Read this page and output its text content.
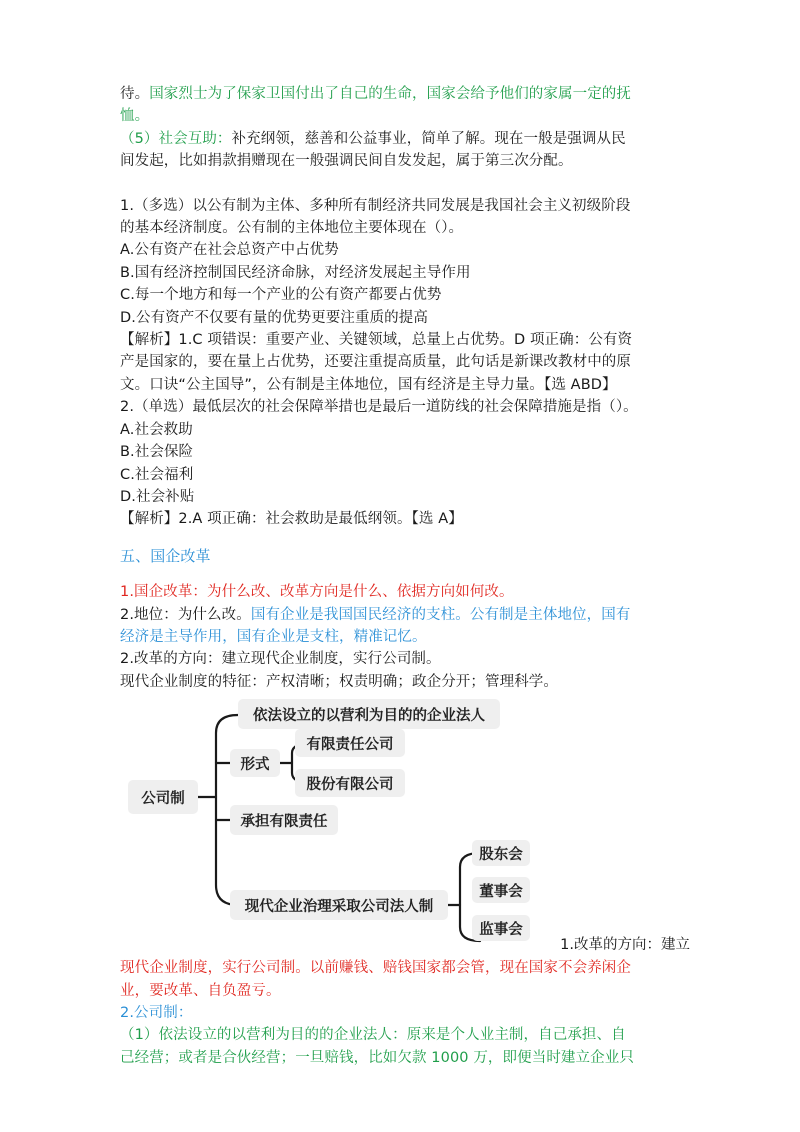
待。国家烈士为了保家卫国付出了自己的生命，国家会给予他们的家属一定的抚
恤。
（5）社会互助：补充纲领，慈善和公益事业，简单了解。现在一般是强调从民
间发起，比如捐款捐赠现在一般强调民间自发发起，属于第三次分配。
1.（多选）以公有制为主体、多种所有制经济共同发展是我国社会主义初级阶段
的基本经济制度。公有制的主体地位主要体现在（）。
A.公有资产在社会总资产中占优势
B.国有经济控制国民经济命脉，对经济发展起主导作用
C.每一个地方和每一个产业的公有资产都要占优势
D.公有资产不仅要有量的优势更要注重质的提高
【解析】1.C 项错误：重要产业、关键领域，总量上占优势。D 项正确：公有资
产是国家的，要在量上占优势，还要注重提高质量，此句话是新课改教材中的原
文。口诀“公主国导”，公有制是主体地位，国有经济是主导力量。【选 ABD】
2.（单选）最低层次的社会保障举措也是最后一道防线的社会保障措施是指（）。
A.社会救助
B.社会保险
C.社会福利
D.社会补贴
【解析】2.A 项正确：社会救助是最低纲领。【选 A】
五、国企改革
1.国企改革：为什么改、改革方向是什么、依据方向如何改。
2.地位：为什么改。国有企业是我国国民经济的支柱。公有制是主体地位，国有
经济是主导作用，国有企业是支柱，精准记忆。
2.改革的方向：建立现代企业制度，实行公司制。
现代企业制度的特征：产权清晰；权责明确；政企分开；管理科学。
公司制
依法设立的以营利为目的的企业法人
形式
有限责任公司
股份有限公司
承担有限责任
现代企业治理采取公司法人制
股东会
董事会
监事会
1.改革的方向：建立
现代企业制度，实行公司制。以前赚钱、赔钱国家都会管，现在国家不会养闲企
业，要改革、自负盈亏。
2.公司制：
（1）依法设立的以营利为目的的企业法人：原来是个人业主制，自己承担、自
己经营；或者是合伙经营；一旦赔钱，比如欠款 1000 万，即便当时建立企业只
